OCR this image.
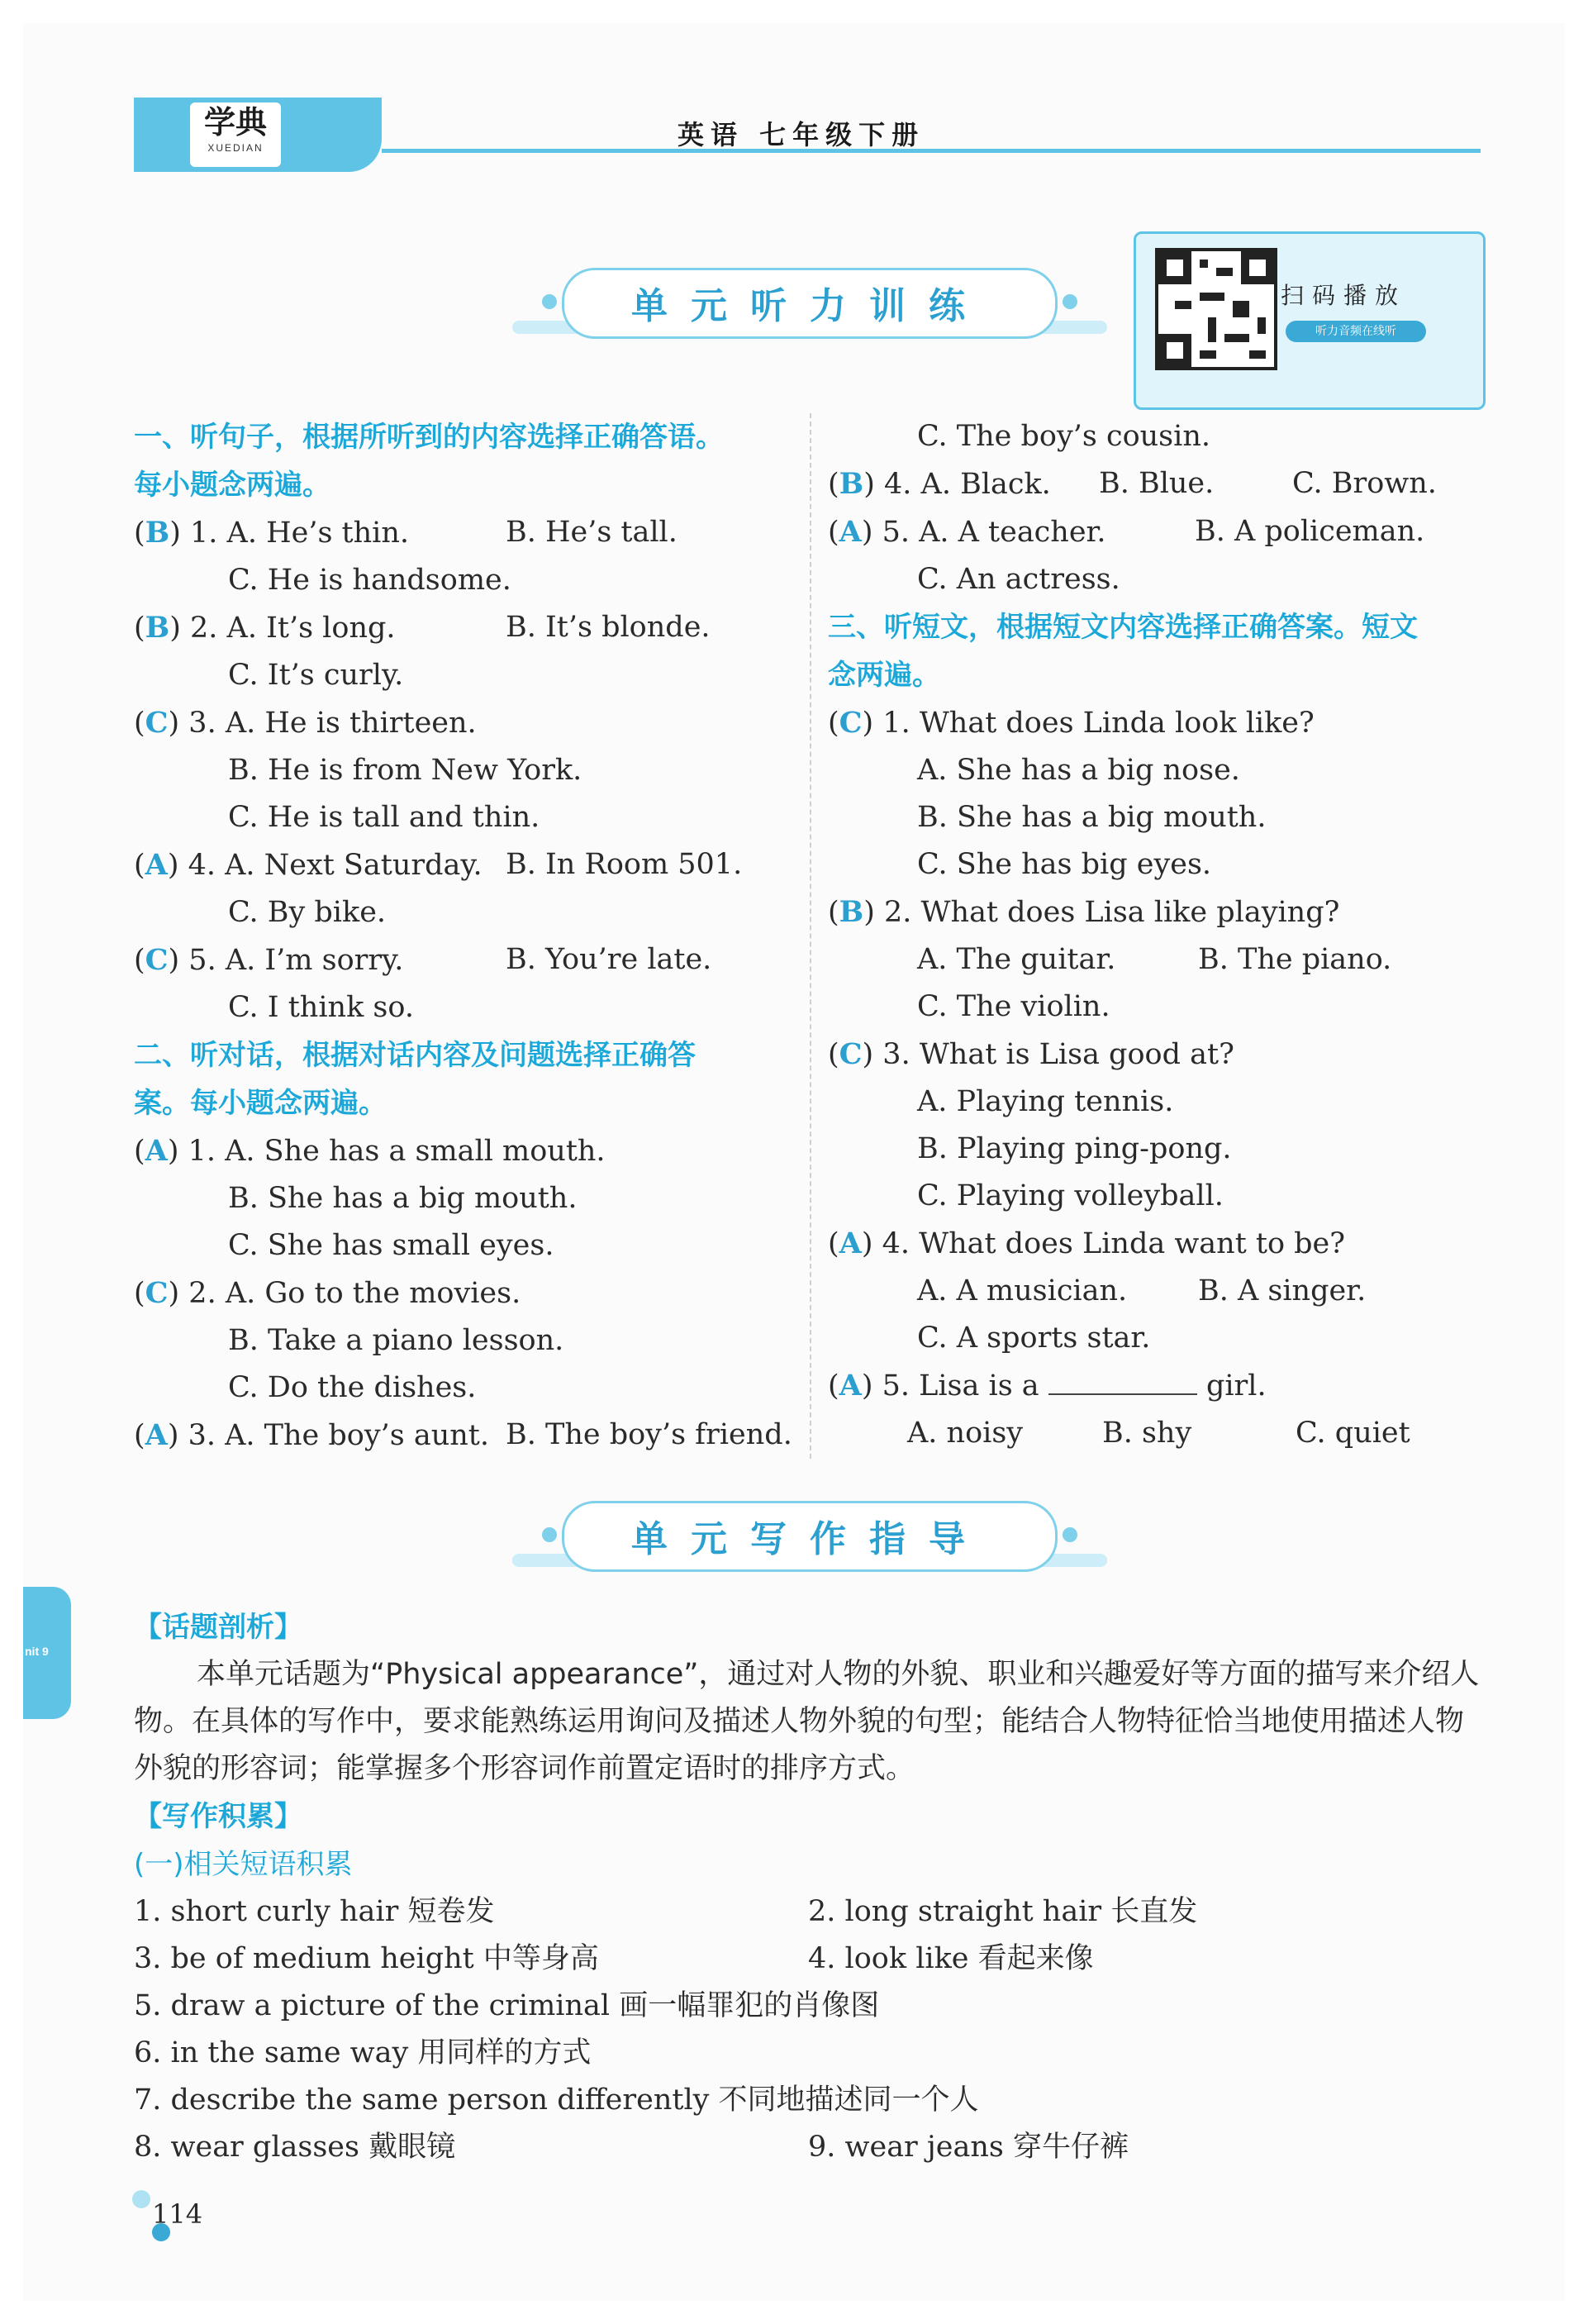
学典
XUEDIAN	英语 七年级下册
单元听力训练	扫码播放
听力音频在线听
一、听句子，根据所听到的内容选择正确答语。
每小题念两遍。
(B) 1. A. He’s thin.	B. He’s tall.
C. He is handsome.
(B) 2. A. It’s long.	B. It’s blonde.
C. It’s curly.
(C) 3. A. He is thirteen.
B. He is from New York.
C. He is tall and thin.
(A) 4. A. Next Saturday. B. In Room 501.
C. By bike.
(C) 5. A. I’m sorry.	B. You’re late.
C. I think so.
二、听对话，根据对话内容及问题选择正确答
案。每小题念两遍。
(A) 1. A. She has a small mouth.
B. She has a big mouth.
C. She has small eyes.
(C) 2. A. Go to the movies.
B. Take a piano lesson.
C. Do the dishes.
(A) 3. A. The boy’s aunt. B. The boy’s friend.
C. The boy’s cousin.
(B) 4. A. Black. B. Blue.	C. Brown.
(A) 5. A. A teacher.	B. A policeman.
C. An actress.
三、听短文，根据短文内容选择正确答案。短文
念两遍。
(C) 1. What does Linda look like?
A. She has a big nose.
B. She has a big mouth.
C. She has big eyes.
(B) 2. What does Lisa like playing?
A. The guitar.	B. The piano.
C. The violin.
(C) 3. What is Lisa good at?
A. Playing tennis.
B. Playing ping-pong.
C. Playing volleyball.
(A) 4. What does Linda want to be?
A. A musician. B. A singer.
C. A sports star.
(A) 5. Lisa is a	girl.
A. noisy	B. shy	C. quiet
单元写作指导
nit 9
【话题剖析】
本单元话题为“Physical appearance”，通过对人物的外貌、职业和兴趣爱好等方面的描写来介绍人物。在具体的写作中，要求能熟练运用询问及描述人物外貌的句型；能结合人物特征恰当地使用描述人物外貌的形容词；能掌握多个形容词作前置定语时的排序方式。
【写作积累】
(一)相关短语积累
1. short curly hair 短卷发	2. long straight hair 长直发
3. be of medium height 中等身高	4. look like 看起来像
5. draw a picture of the criminal 画一幅罪犯的肖像图
6. in the same way 用同样的方式
7. describe the same person differently 不同地描述同一个人
8. wear glasses 戴眼镜	9. wear jeans 穿牛仔裤
114
